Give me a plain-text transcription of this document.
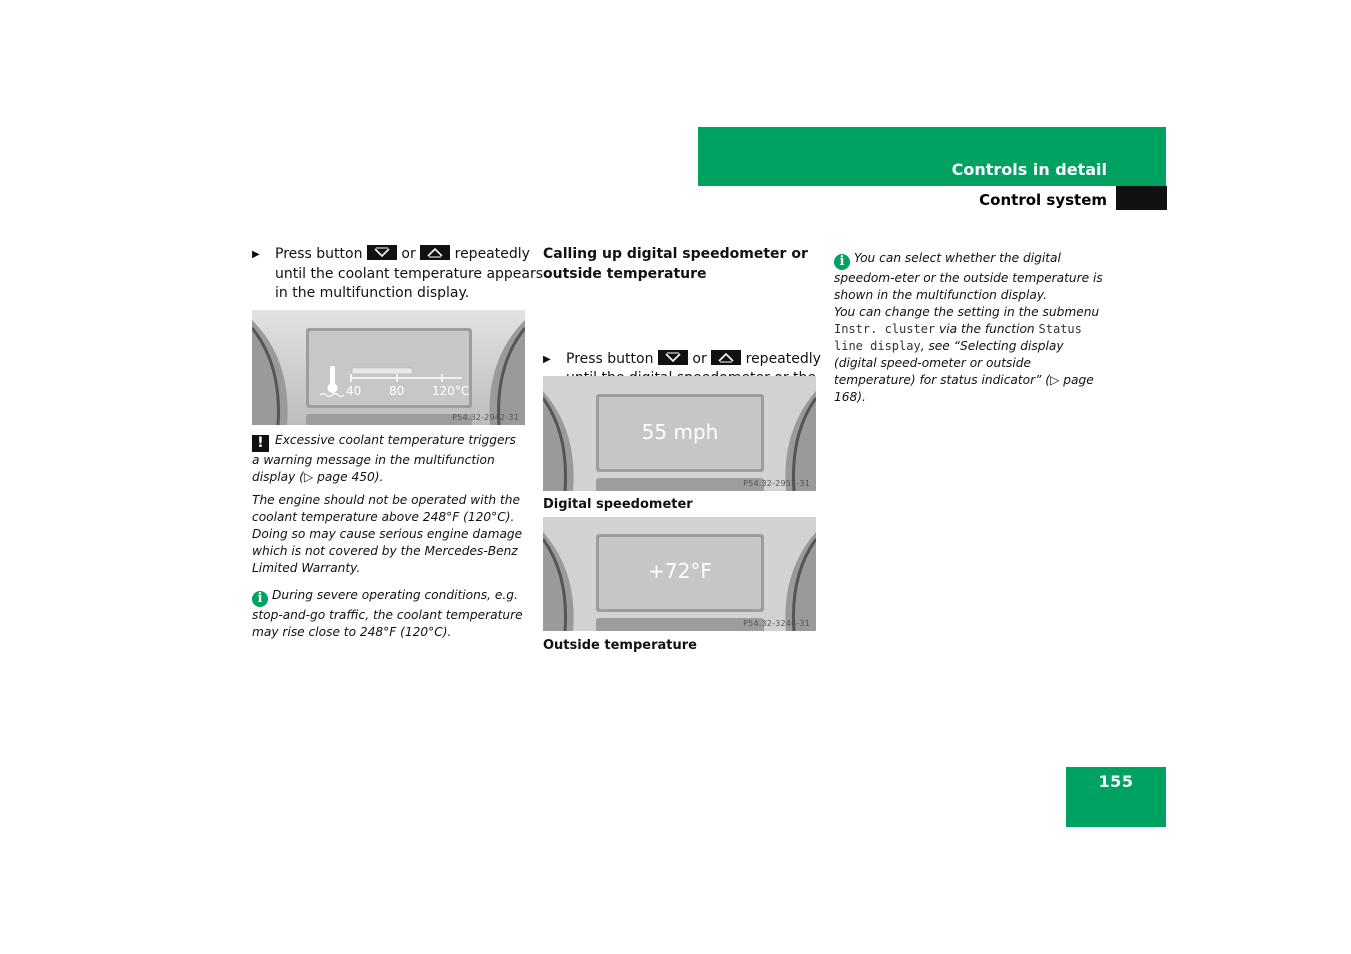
Controls in detail
Control system
▶ Press button	or	repeatedly until the coolant temperature appears in the multifunction display.
40 80 120°C
P54.32-2942-31
! Excessive coolant temperature triggers a warning message in the multifunction display (▷ page 450).
The engine should not be operated with the coolant temperature above 248°F (120°C). Doing so may cause serious engine damage which is not covered by the Mercedes-Benz Limited Warranty.
i During severe operating conditions, e.g. stop-and-go traffic, the coolant temperature may rise close to 248°F (120°C).
Calling up digital speedometer or outside temperature
▶ Press button	or	repeatedly
55 mph
P54.32-2952-31
Digital speedometer
+72°F
P54.32-3246-31
Outside temperature
i You can select whether the digital speedom-eter or the outside temperature is shown in the multifunction display.
You can change the setting in the submenu Instr. cluster via the function Status line display, see “Selecting display (digital speed-ometer or outside temperature) for status indicator” (▷ page 168).
155
